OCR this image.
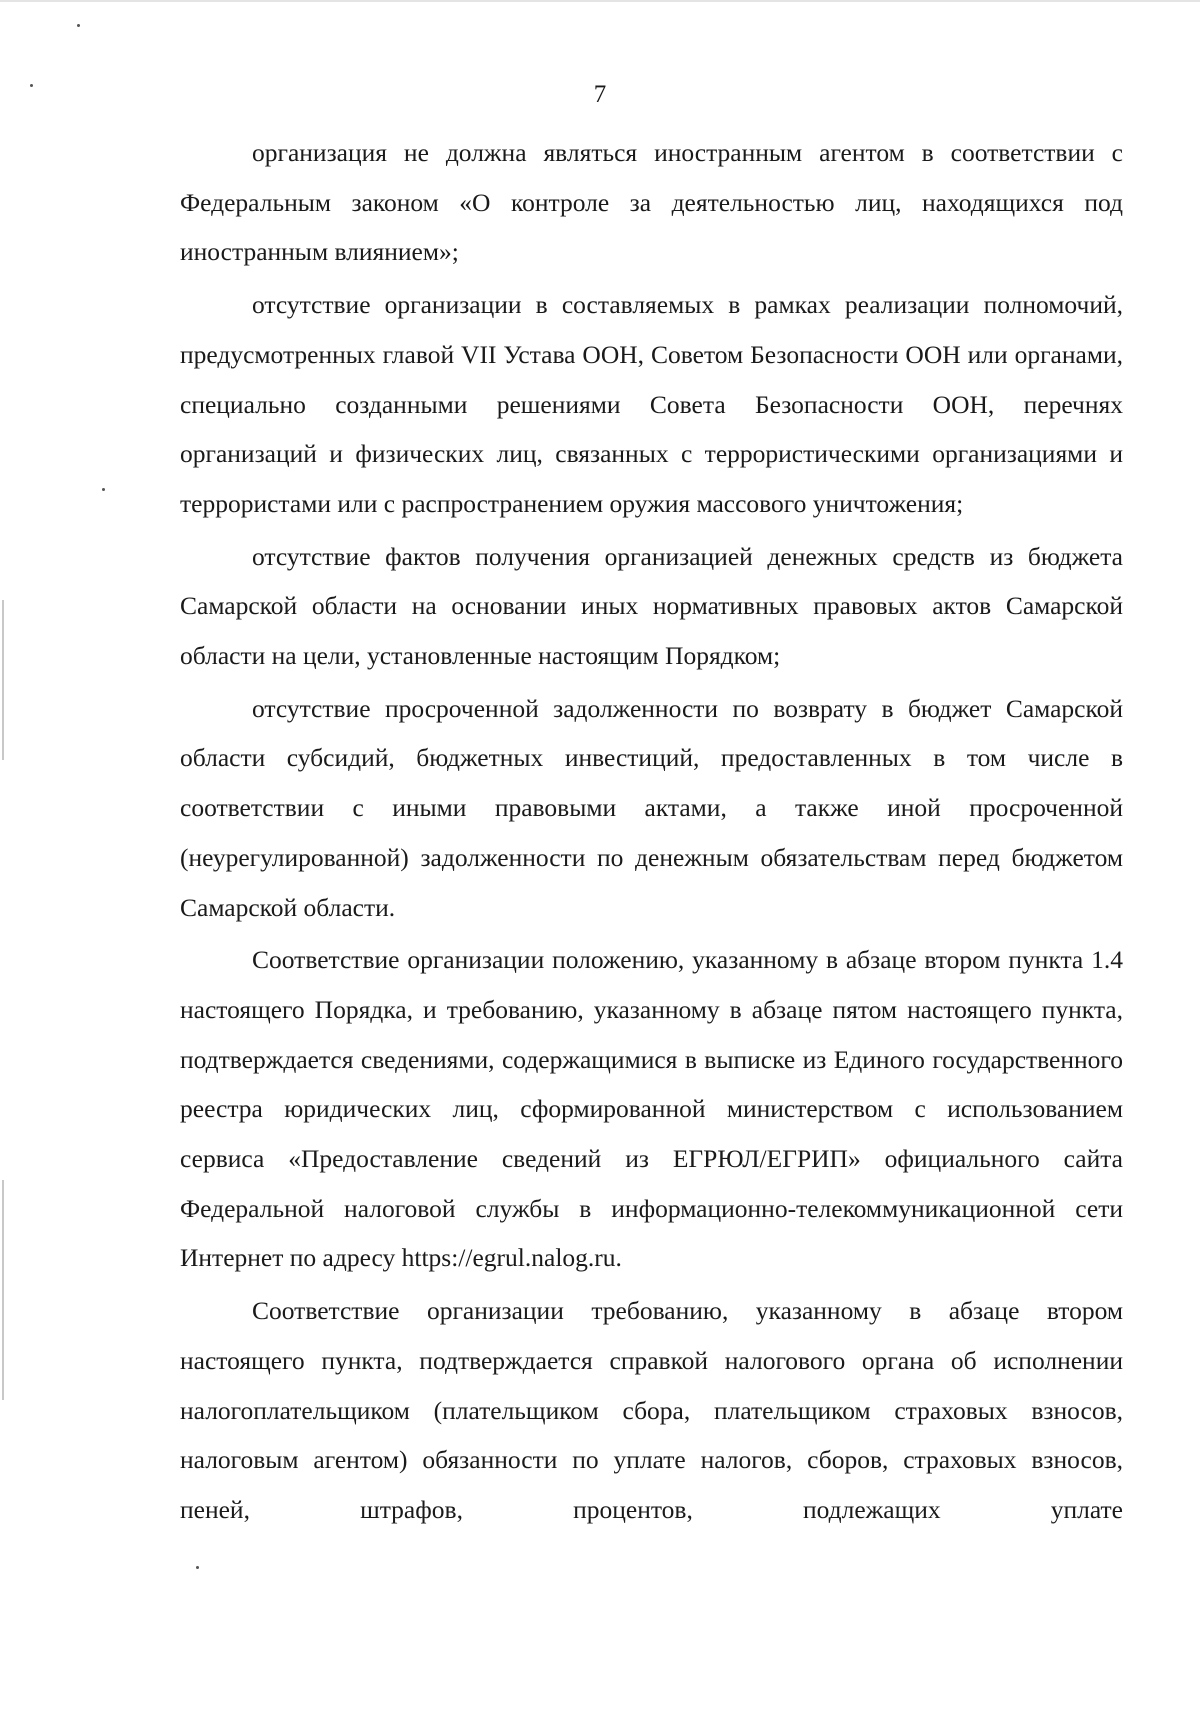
7

организация не должна являться иностранным агентом в соответствии с Федеральным законом «О контроле за деятельностью лиц, находящихся под иностранным влиянием»;

отсутствие организации в составляемых в рамках реализации полномочий, предусмотренных главой VII Устава ООН, Советом Безопасности ООН или органами, специально созданными решениями Совета Безопасности ООН, перечнях организаций и физических лиц, связанных с террористическими организациями и террористами или с распространением оружия массового уничтожения;

отсутствие фактов получения организацией денежных средств из бюджета Самарской области на основании иных нормативных правовых актов Самарской области на цели, установленные настоящим Порядком;

отсутствие просроченной задолженности по возврату в бюджет Самарской области субсидий, бюджетных инвестиций, предоставленных в том числе в соответствии с иными правовыми актами, а также иной просроченной (неурегулированной) задолженности по денежным обязательствам перед бюджетом Самарской области.

Соответствие организации положению, указанному в абзаце втором пункта 1.4 настоящего Порядка, и требованию, указанному в абзаце пятом настоящего пункта, подтверждается сведениями, содержащимися в выписке из Единого государственного реестра юридических лиц, сформированной министерством с использованием сервиса «Предоставление сведений из ЕГРЮЛ/ЕГРИП» официального сайта Федеральной налоговой службы в информационно-телекоммуникационной сети Интернет по адресу https://egrul.nalog.ru.

Соответствие организации требованию, указанному в абзаце втором настоящего пункта, подтверждается справкой налогового органа об исполнении налогоплательщиком (плательщиком сбора, плательщиком страховых взносов, налоговым агентом) обязанности по уплате налогов, сборов, страховых взносов, пеней, штрафов, процентов, подлежащих уплате
